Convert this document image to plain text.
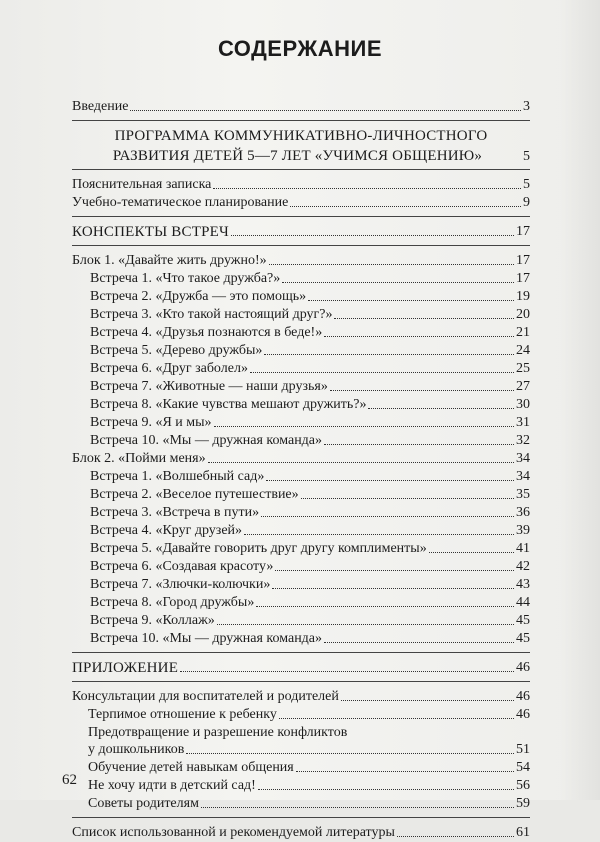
СОДЕРЖАНИЕ
Введение	3
ПРОГРАММА КОММУНИКАТИВНО-ЛИЧНОСТНОГО
РАЗВИТИЯ ДЕТЕЙ 5—7 ЛЕТ «УЧИМСЯ ОБЩЕНИЮ»	5
Пояснительная записка	5
Учебно-тематическое планирование	9
КОНСПЕКТЫ ВСТРЕЧ	17
Блок 1. «Давайте жить дружно!»	17
Встреча 1. «Что такое дружба?»	17
Встреча 2. «Дружба — это помощь»	19
Встреча 3. «Кто такой настоящий друг?»	20
Встреча 4. «Друзья познаются в беде!»	21
Встреча 5. «Дерево дружбы»	24
Встреча 6. «Друг заболел»	25
Встреча 7. «Животные — наши друзья»	27
Встреча 8. «Какие чувства мешают дружить?»	30
Встреча 9. «Я и мы»	31
Встреча 10. «Мы — дружная команда»	32
Блок 2. «Пойми меня»	34
Встреча 1. «Волшебный сад»	34
Встреча 2. «Веселое путешествие»	35
Встреча 3. «Встреча в пути»	36
Встреча 4. «Круг друзей»	39
Встреча 5. «Давайте говорить друг другу комплименты»	41
Встреча 6. «Создавая красоту»	42
Встреча 7. «Злючки-колючки»	43
Встреча 8. «Город дружбы»	44
Встреча 9. «Коллаж»	45
Встреча 10. «Мы — дружная команда»	45
ПРИЛОЖЕНИЕ	46
Консультации для воспитателей и родителей	46
Терпимое отношение к ребенку	46
Предотвращение и разрешение конфликтов
у дошкольников	51
Обучение детей навыкам общения	54
Не хочу идти в детский сад!	56
Советы родителям	59
Список использованной и рекомендуемой литературы	61
62
